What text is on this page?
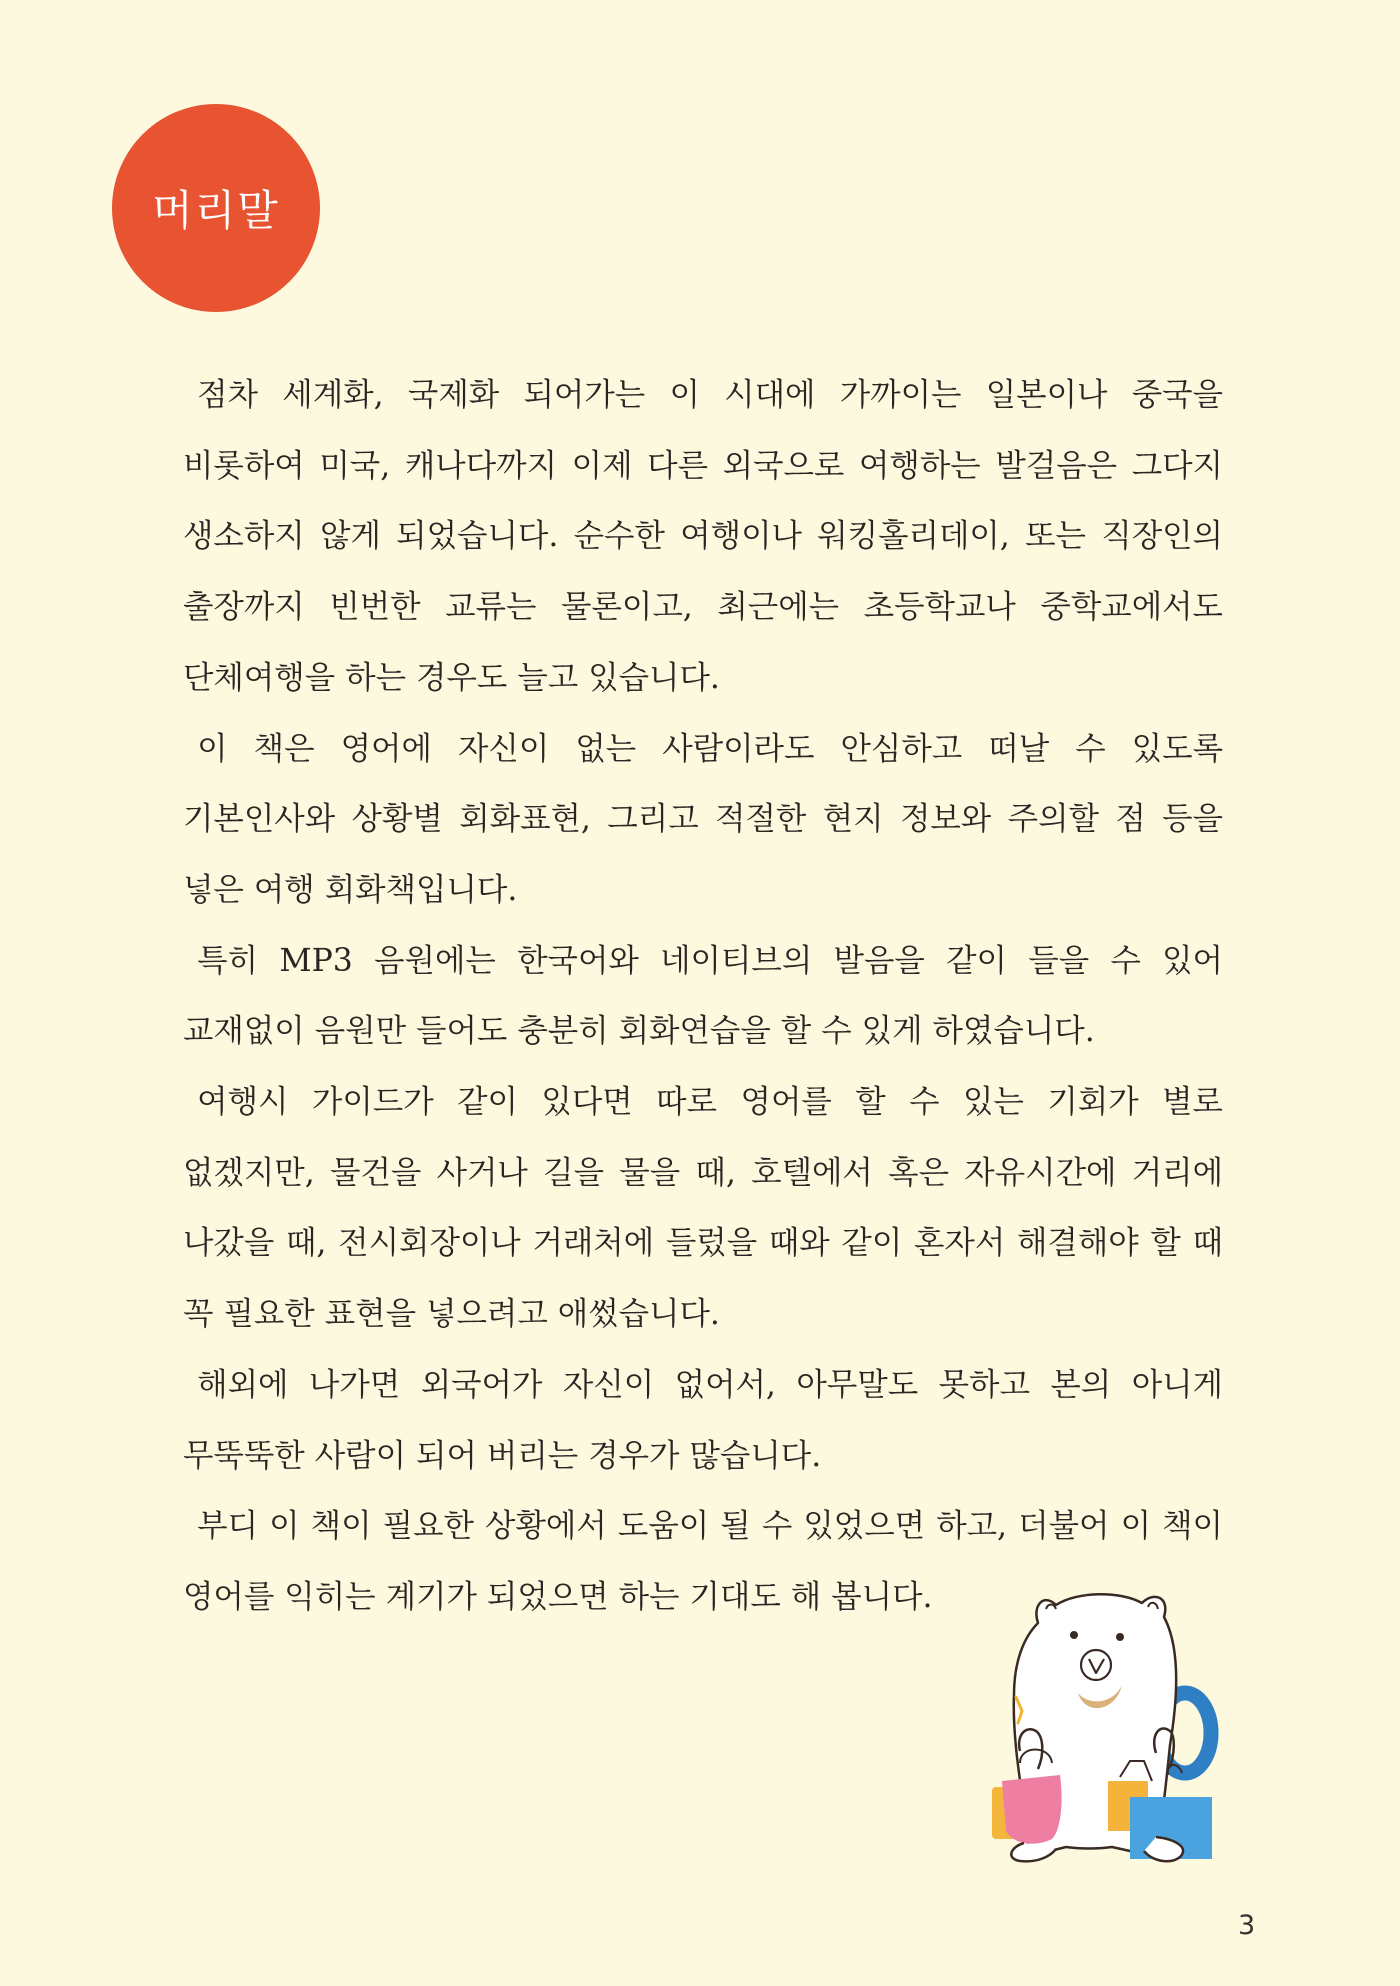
머리말

점차 세계화, 국제화 되어가는 이 시대에 가까이는 일본이나 중국을 비롯하여 미국, 캐나다까지 이제 다른 외국으로 여행하는 발걸음은 그다지 생소하지 않게 되었습니다. 순수한 여행이나 워킹홀리데이, 또는 직장인의 출장까지 빈번한 교류는 물론이고, 최근에는 초등학교나 중학교에서도 단체여행을 하는 경우도 늘고 있습니다.

이 책은 영어에 자신이 없는 사람이라도 안심하고 떠날 수 있도록 기본인사와 상황별 회화표현, 그리고 적절한 현지 정보와 주의할 점 등을 넣은 여행 회화책입니다.

특히 MP3 음원에는 한국어와 네이티브의 발음을 같이 들을 수 있어 교재없이 음원만 들어도 충분히 회화연습을 할 수 있게 하였습니다.

여행시 가이드가 같이 있다면 따로 영어를 할 수 있는 기회가 별로 없겠지만, 물건을 사거나 길을 물을 때, 호텔에서 혹은 자유시간에 거리에 나갔을 때, 전시회장이나 거래처에 들렀을 때와 같이 혼자서 해결해야 할 때 꼭 필요한 표현을 넣으려고 애썼습니다.

해외에 나가면 외국어가 자신이 없어서, 아무말도 못하고 본의 아니게 무뚝뚝한 사람이 되어 버리는 경우가 많습니다.

부디 이 책이 필요한 상황에서 도움이 될 수 있었으면 하고, 더불어 이 책이 영어를 익히는 계기가 되었으면 하는 기대도 해 봅니다.

3
